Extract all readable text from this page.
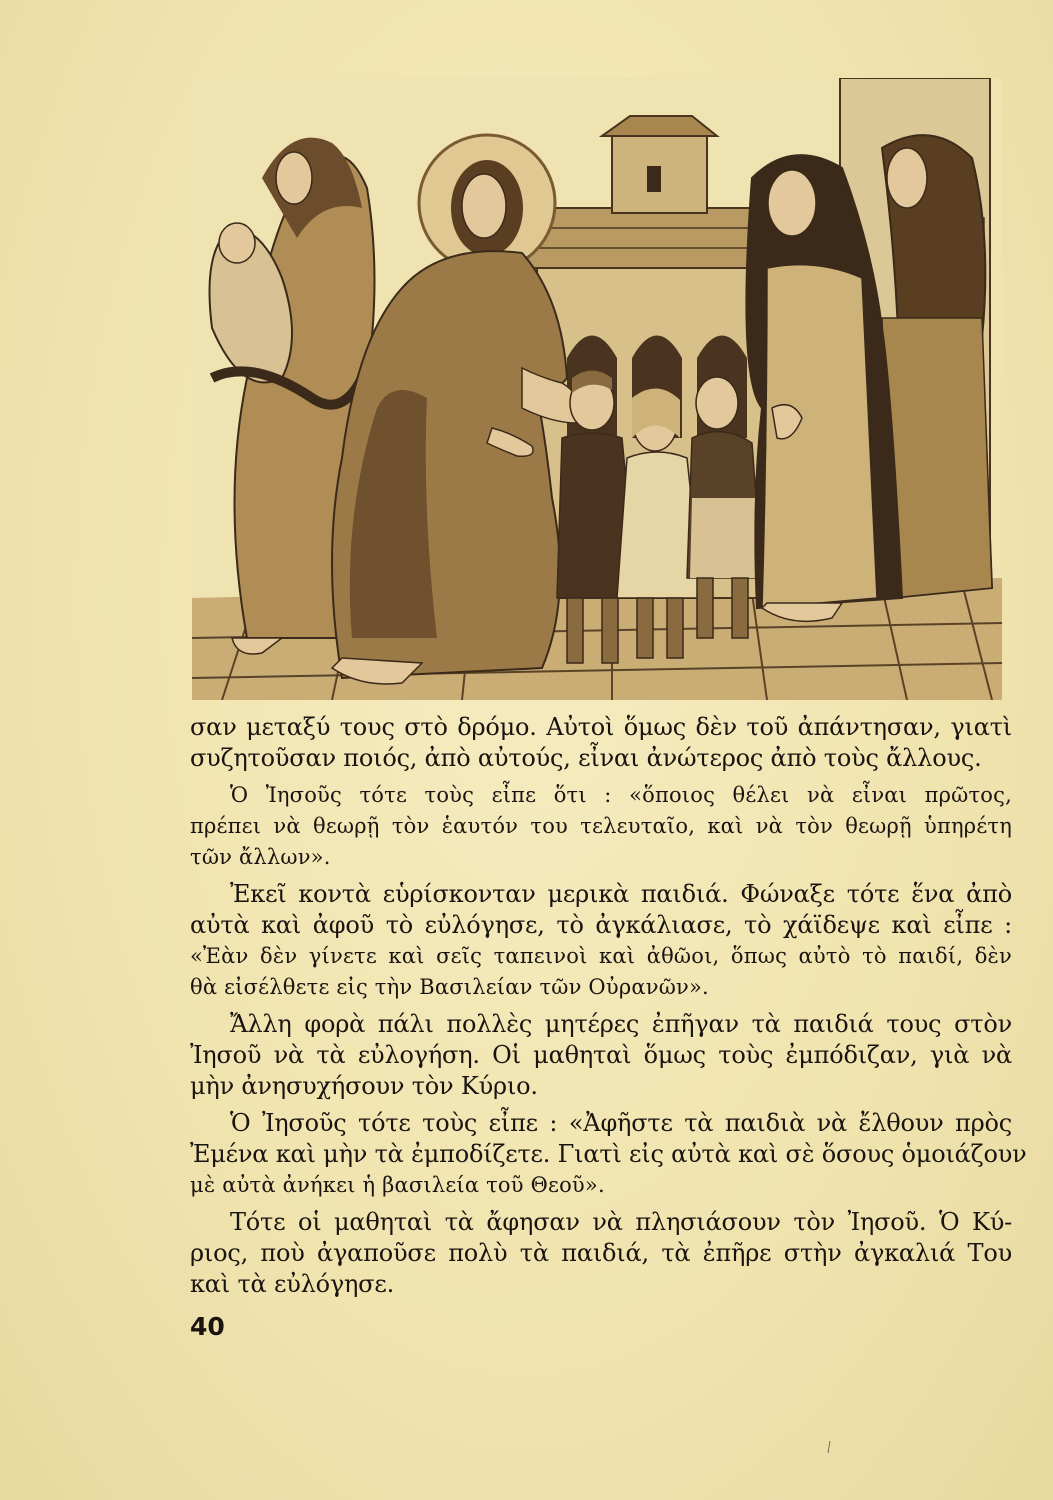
σαν μεταξύ τους στὸ δρόμο. Αὐτοὶ ὅμως δὲν τοῦ ἀπάντησαν, γιατὶ
συζητοῦσαν ποιός, ἀπὸ αὐτούς, εἶναι ἀνώτερος ἀπὸ τοὺς ἄλλους.
Ὁ Ἰησοῦς τότε τοὺς εἶπε ὅτι : «ὅποιος θέλει νὰ εἶναι πρῶτος,
πρέπει νὰ θεωρῇ τὸν ἑαυτόν του τελευταῖο, καὶ νὰ τὸν θεωρῇ ὑπηρέτη
τῶν ἄλλων».
Ἐκεῖ κοντὰ εὑρίσκονταν μερικὰ παιδιά. Φώναξε τότε ἕνα ἀπὸ
αὐτὰ καὶ ἀφοῦ τὸ εὐλόγησε, τὸ ἀγκάλιασε, τὸ χάϊδεψε καὶ εἶπε :
«Ἐὰν δὲν γίνετε καὶ σεῖς ταπεινοὶ καὶ ἀθῶοι, ὅπως αὐτὸ τὸ παιδί, δὲν
θὰ εἰσέλθετε εἰς τὴν Βασιλείαν τῶν Οὐρανῶν».
Ἄλλη φορὰ πάλι πολλὲς μητέρες ἐπῆγαν τὰ παιδιά τους στὸν
Ἰησοῦ νὰ τὰ εὐλογήση. Οἱ μαθηταὶ ὅμως τοὺς ἐμπόδιζαν, γιὰ νὰ
μὴν ἀνησυχήσουν τὸν Κύριο.
Ὁ Ἰησοῦς τότε τοὺς εἶπε : «Ἀφῆστε τὰ παιδιὰ νὰ ἔλθουν πρὸς
Ἐμένα καὶ μὴν τὰ ἐμποδίζετε. Γιατὶ εἰς αὐτὰ καὶ σὲ ὅσους ὁμοιάζουν
μὲ αὐτὰ ἀνήκει ἡ βασιλεία τοῦ Θεοῦ».
Τότε οἱ μαθηταὶ τὰ ἄφησαν νὰ πλησιάσουν τὸν Ἰησοῦ. Ὁ Κύ-
ριος, ποὺ ἀγαποῦσε πολὺ τὰ παιδιά, τὰ ἐπῆρε στὴν ἀγκαλιά Του
καὶ τὰ εὐλόγησε.
40
